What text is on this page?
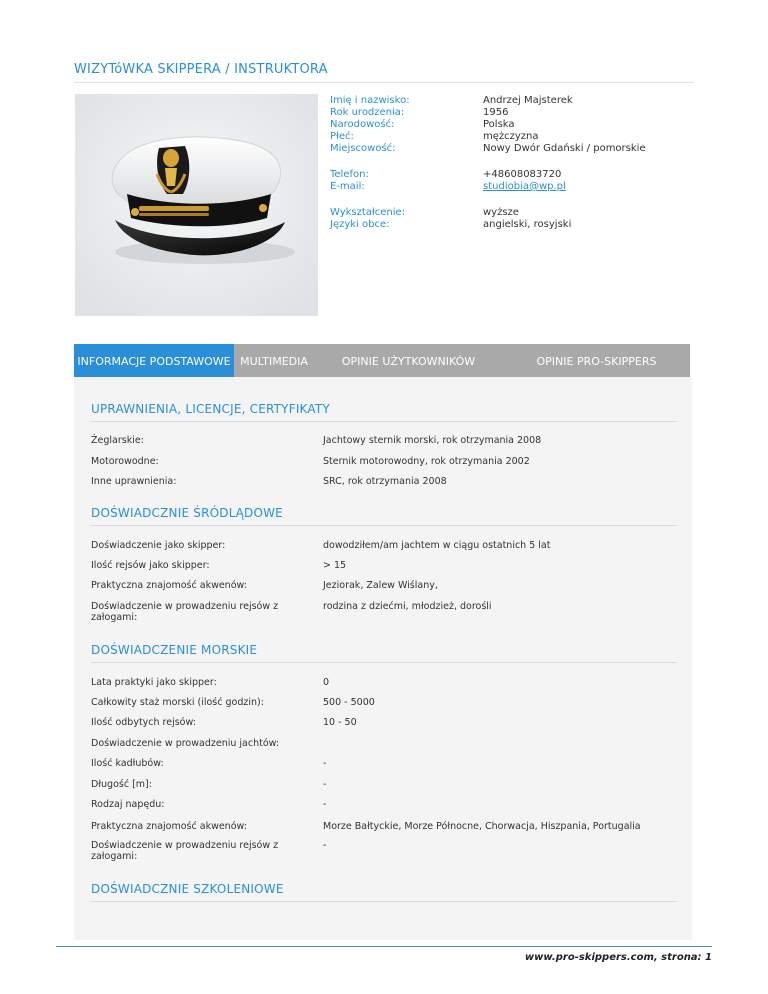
WIZYTóWKA SKIPPERA / INSTRUKTORA
Imię i nazwisko:	Andrzej Majsterek
Rok urodzenia:	1956
Narodowość:	Polska
Płeć:	mężczyzna
Miejscowość:	Nowy Dwór Gdański / pomorskie
Telefon:	+48608083720
E-mail:	studiobia@wp.pl
Wykształcenie:	wyższe
Języki obce:	angielski, rosyjski
INFORMACJE PODSTAWOWE MULTIMEDIA	OPINIE UŻYTKOWNIKÓW	OPINIE PRO-SKIPPERS
UPRAWNIENIA, LICENCJE, CERTYFIKATY
Żeglarskie:	Jachtowy sternik morski, rok otrzymania 2008
Motorowodne:	Sternik motorowodny, rok otrzymania 2002
Inne uprawnienia:	SRC, rok otrzymania 2008
DOŚWIADCZNIE ŚRÓDLĄDOWE
Doświadczenie jako skipper:	dowodziłem/am jachtem w ciągu ostatnich 5 lat
Ilość rejsów jako skipper:	> 15
Praktyczna znajomość akwenów:	Jeziorak, Zalew Wiślany,
Doświadczenie w prowadzeniu rejsów z załogami:
rodzina z dziećmi, młodzież, dorośli
DOŚWIADCZENIE MORSKIE
Lata praktyki jako skipper:	0
Całkowity staż morski (ilość godzin):	500 - 5000
Ilość odbytych rejsów:	10 - 50
Doświadczenie w prowadzeniu jachtów:
Ilość kadłubów:	-
Długość [m]:	-
Rodzaj napędu:	-
Praktyczna znajomość akwenów:	Morze Bałtyckie, Morze Północne, Chorwacja, Hiszpania, Portugalia
Doświadczenie w prowadzeniu rejsów z załogami:
-
DOŚWIADCZNIE SZKOLENIOWE
www.pro-skippers.com, strona: 1
